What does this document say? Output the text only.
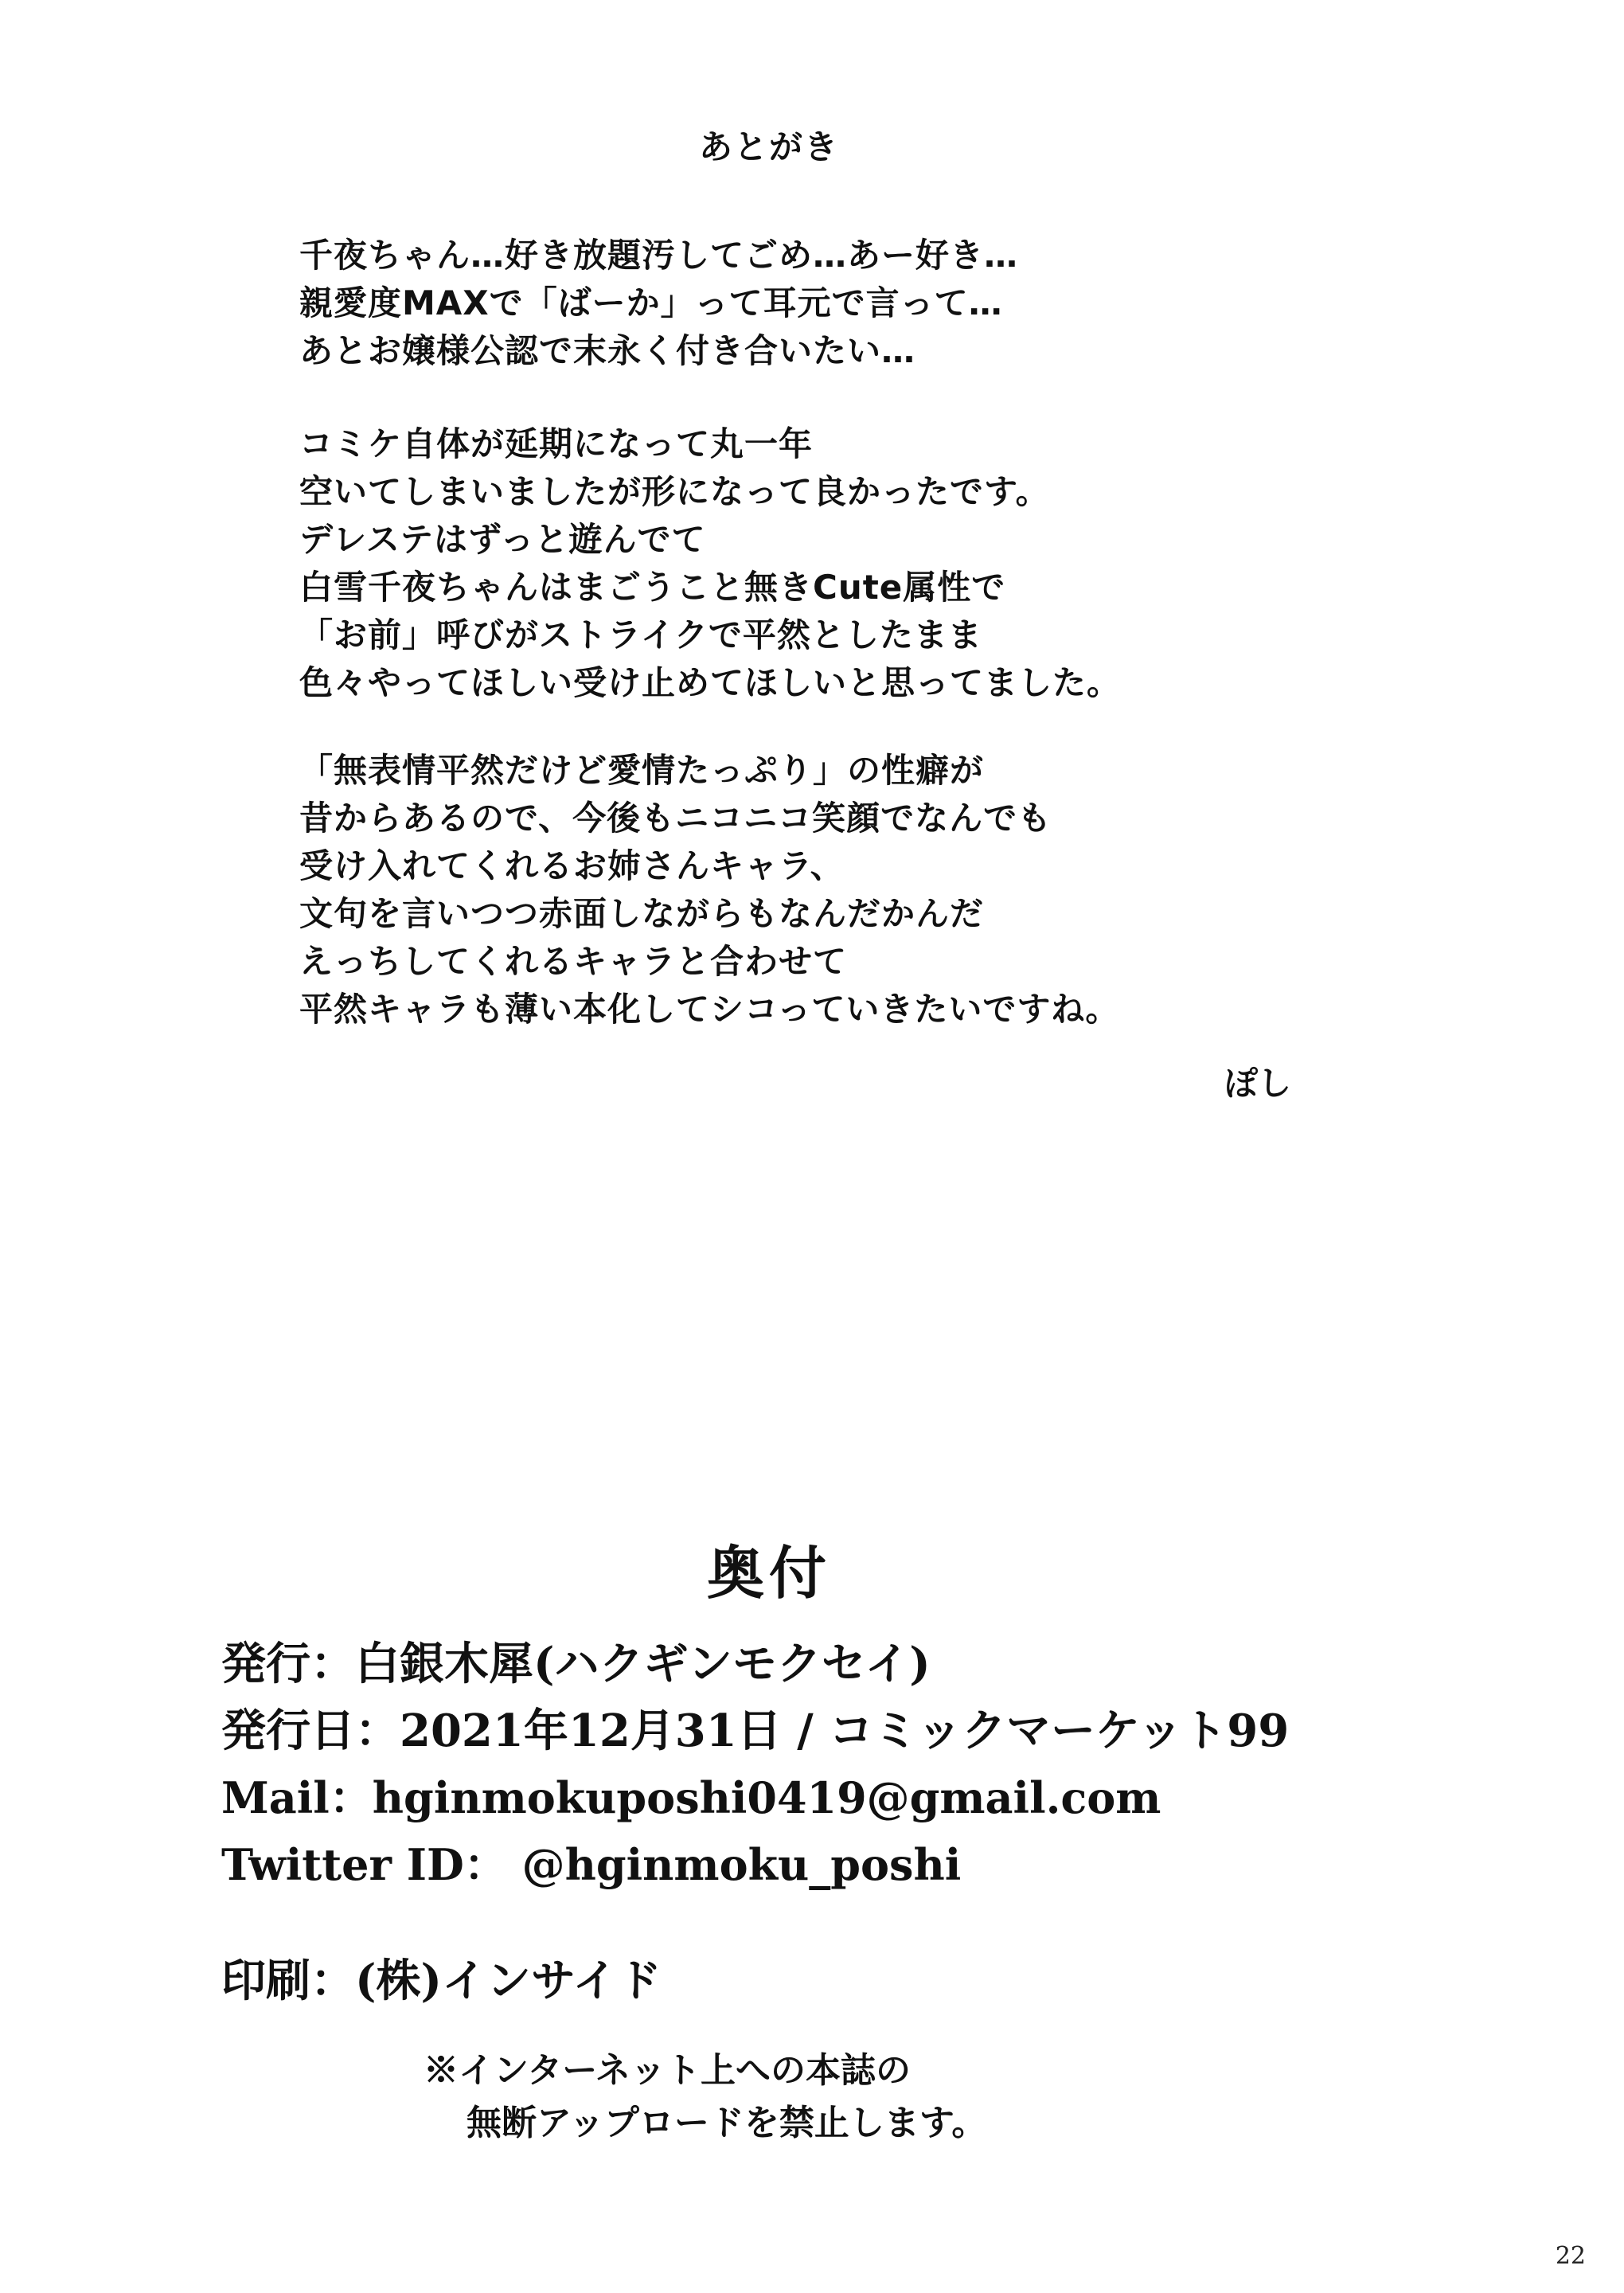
あとがき
千夜ちゃん…好き放題汚してごめ…あー好き…
親愛度MAXで「ばーか」って耳元で言って…
あとお嬢様公認で末永く付き合いたい…
コミケ自体が延期になって丸一年
空いてしまいましたが形になって良かったです。
デレステはずっと遊んでて
白雪千夜ちゃんはまごうこと無きCute属性で
「お前」呼びがストライクで平然としたまま
色々やってほしい受け止めてほしいと思ってました。
「無表情平然だけど愛情たっぷり」の性癖が
昔からあるので、今後もニコニコ笑顔でなんでも
受け入れてくれるお姉さんキャラ、
文句を言いつつ赤面しながらもなんだかんだ
えっちしてくれるキャラと合わせて
平然キャラも薄い本化してシコっていきたいですね。
ぽし
奥付
発行：白銀木犀(ハクギンモクセイ)
発行日：2021年12月31日 / コミックマーケット99
Mail：hginmokuposhi0419@gmail.com
Twitter ID： @hginmoku_poshi
印刷：(株)インサイド
※インターネット上への本誌の
無断アップロードを禁止します。
22
